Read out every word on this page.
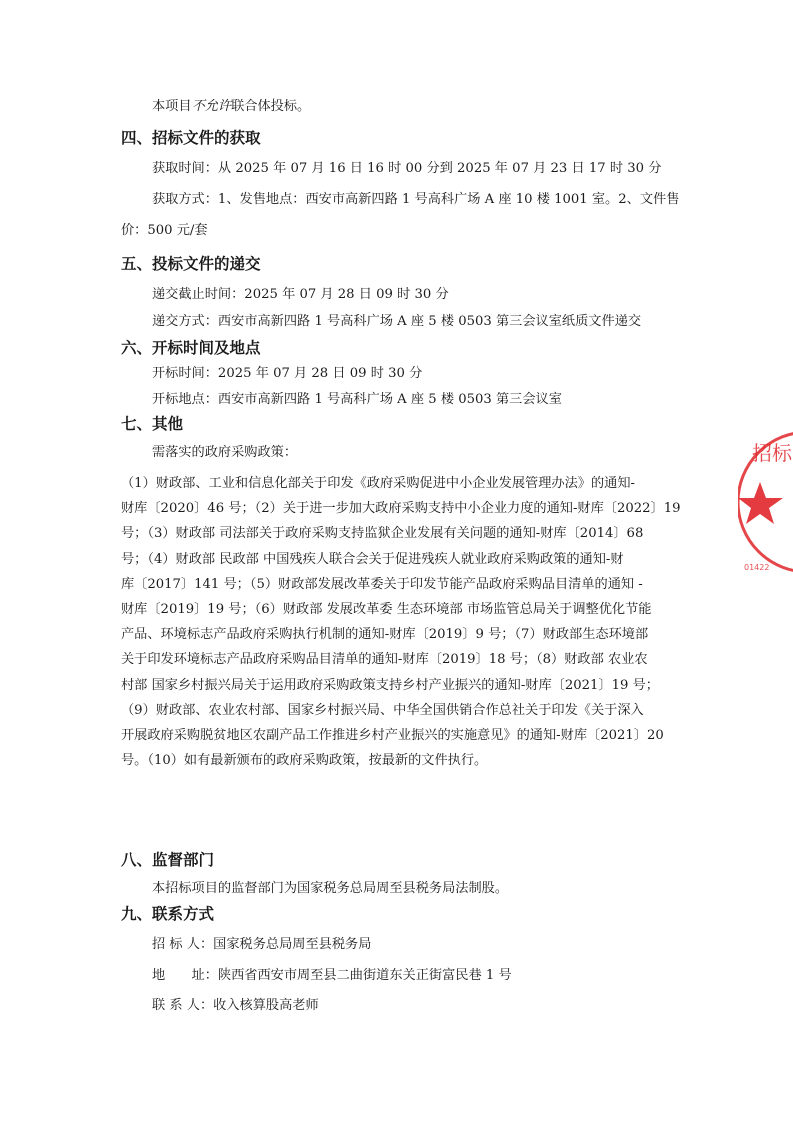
本项目不允许联合体投标。
四、招标文件的获取
获取时间：从 2025 年 07 月 16 日 16 时 00 分到 2025 年 07 月 23 日 17 时 30 分
获取方式：1、发售地点：西安市高新四路 1 号高科广场 A 座 10 楼 1001 室。2、文件售
价：500 元/套
五、投标文件的递交
递交截止时间：2025 年 07 月 28 日 09 时 30 分
递交方式：西安市高新四路 1 号高科广场 A 座 5 楼 0503 第三会议室纸质文件递交
六、开标时间及地点
开标时间：2025 年 07 月 28 日 09 时 30 分
开标地点：西安市高新四路 1 号高科广场 A 座 5 楼 0503 第三会议室
七、其他
需落实的政府采购政策：
（1）财政部、工业和信息化部关于印发《政府采购促进中小企业发展管理办法》的通知-
财库〔2020〕46 号；（2）关于进一步加大政府采购支持中小企业力度的通知-财库〔2022〕19
号；（3）财政部 司法部关于政府采购支持监狱企业发展有关问题的通知-财库〔2014〕68
号；（4）财政部 民政部 中国残疾人联合会关于促进残疾人就业政府采购政策的通知-财
库〔2017〕141 号；（5）财政部发展改革委关于印发节能产品政府采购品目清单的通知 -
财库〔2019〕19 号；（6）财政部 发展改革委 生态环境部 市场监管总局关于调整优化节能
产品、环境标志产品政府采购执行机制的通知-财库〔2019〕9 号；（7）财政部生态环境部
关于印发环境标志产品政府采购品目清单的通知-财库〔2019〕18 号；（8）财政部 农业农
村部 国家乡村振兴局关于运用政府采购政策支持乡村产业振兴的通知-财库〔2021〕19 号；
（9）财政部、农业农村部、国家乡村振兴局、中华全国供销合作总社关于印发《关于深入
开展政府采购脱贫地区农副产品工作推进乡村产业振兴的实施意见》的通知-财库〔2021〕20
号。（10）如有最新颁布的政府采购政策，按最新的文件执行。
八、监督部门
本招标项目的监督部门为国家税务总局周至县税务局法制股。
九、联系方式
招 标 人：国家税务总局周至县税务局
地　　址：陕西省西安市周至县二曲街道东关正街富民巷 1 号
联 系 人：收入核算股高老师
招标
01422
